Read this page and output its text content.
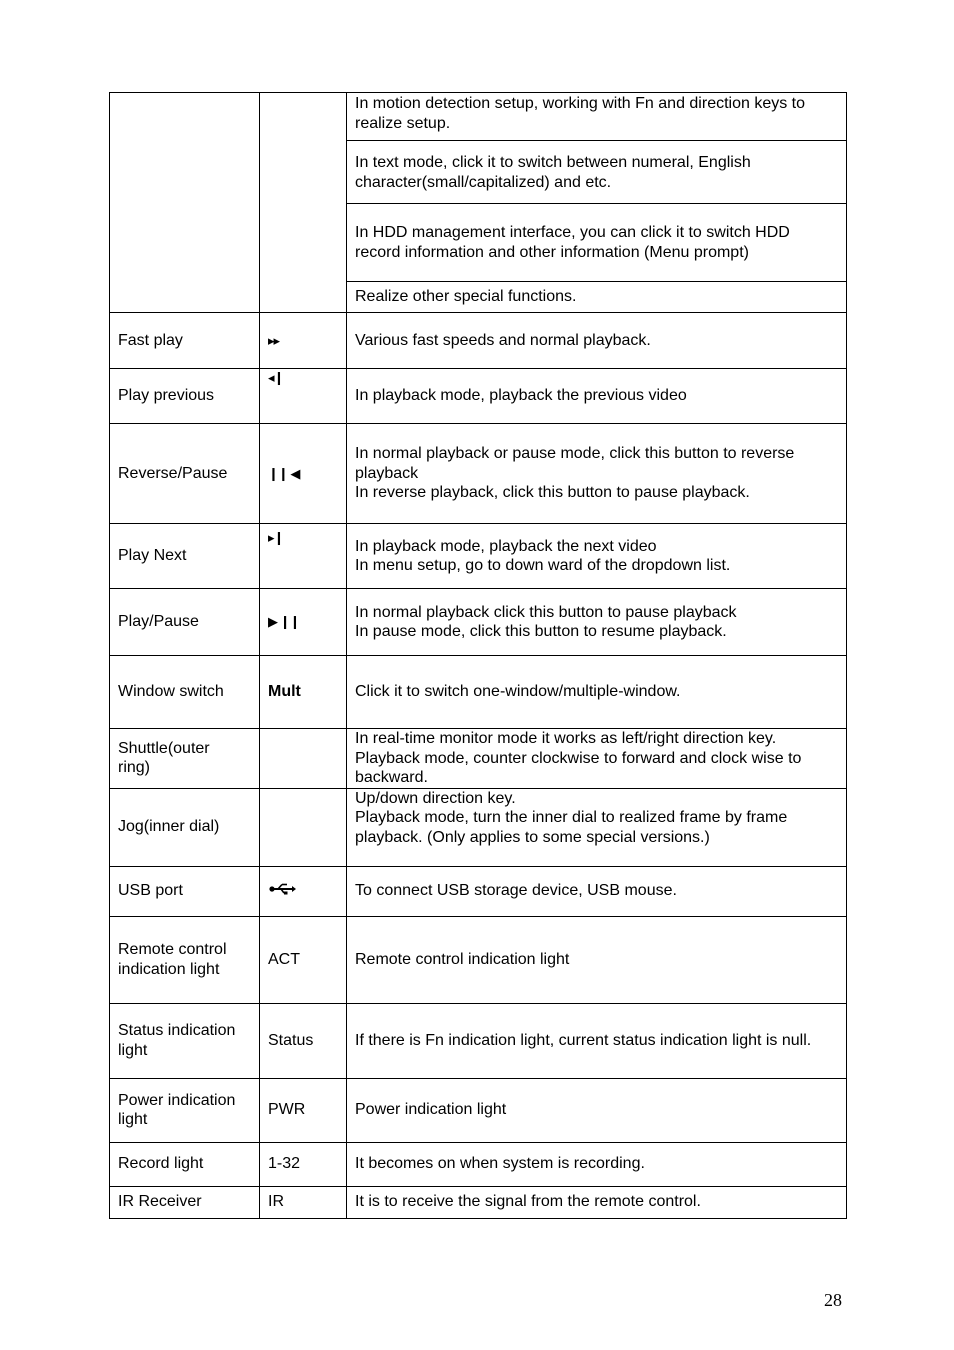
		In motion detection setup, working with Fn and direction keys to
realize setup.

		In text mode, click it to switch between numeral, English
character(small/capitalized) and etc.

		In HDD management interface, you can click it to switch HDD
record information and other information (Menu prompt)

		Realize other special functions.

Fast play	▸▸	Various fast speeds and normal playback.

Play previous	◂❙	In playback mode, playback the previous video

Reverse/Pause	❙❙ ◀	In normal playback or pause mode, click this button to reverse
playback
In reverse playback, click this button to pause playback.

Play Next	▸❙	In playback mode, playback the next video
In menu setup, go to down ward of the dropdown list.

Play/Pause	▶ ❙❙	In normal playback click this button to pause playback
In pause mode, click this button to resume playback.

Window switch	Mult	Click it to switch one-window/multiple-window.

Shuttle(outer
ring)		In real-time monitor mode it works as left/right direction key.
Playback mode, counter clockwise to forward and clock wise to
backward.

Jog(inner dial)		Up/down direction key.
Playback mode, turn the inner dial to realized frame by frame
playback. (Only applies to some special versions.)

USB port		To connect USB storage device, USB mouse.

Remote control
indication light	ACT	Remote control indication light

Status indication
light	Status	If there is Fn indication light, current status indication light is null.

Power indication
light	PWR	Power indication light

Record light	1-32	It becomes on when system is recording.

IR Receiver	IR	It is to receive the signal from the remote control.
28
